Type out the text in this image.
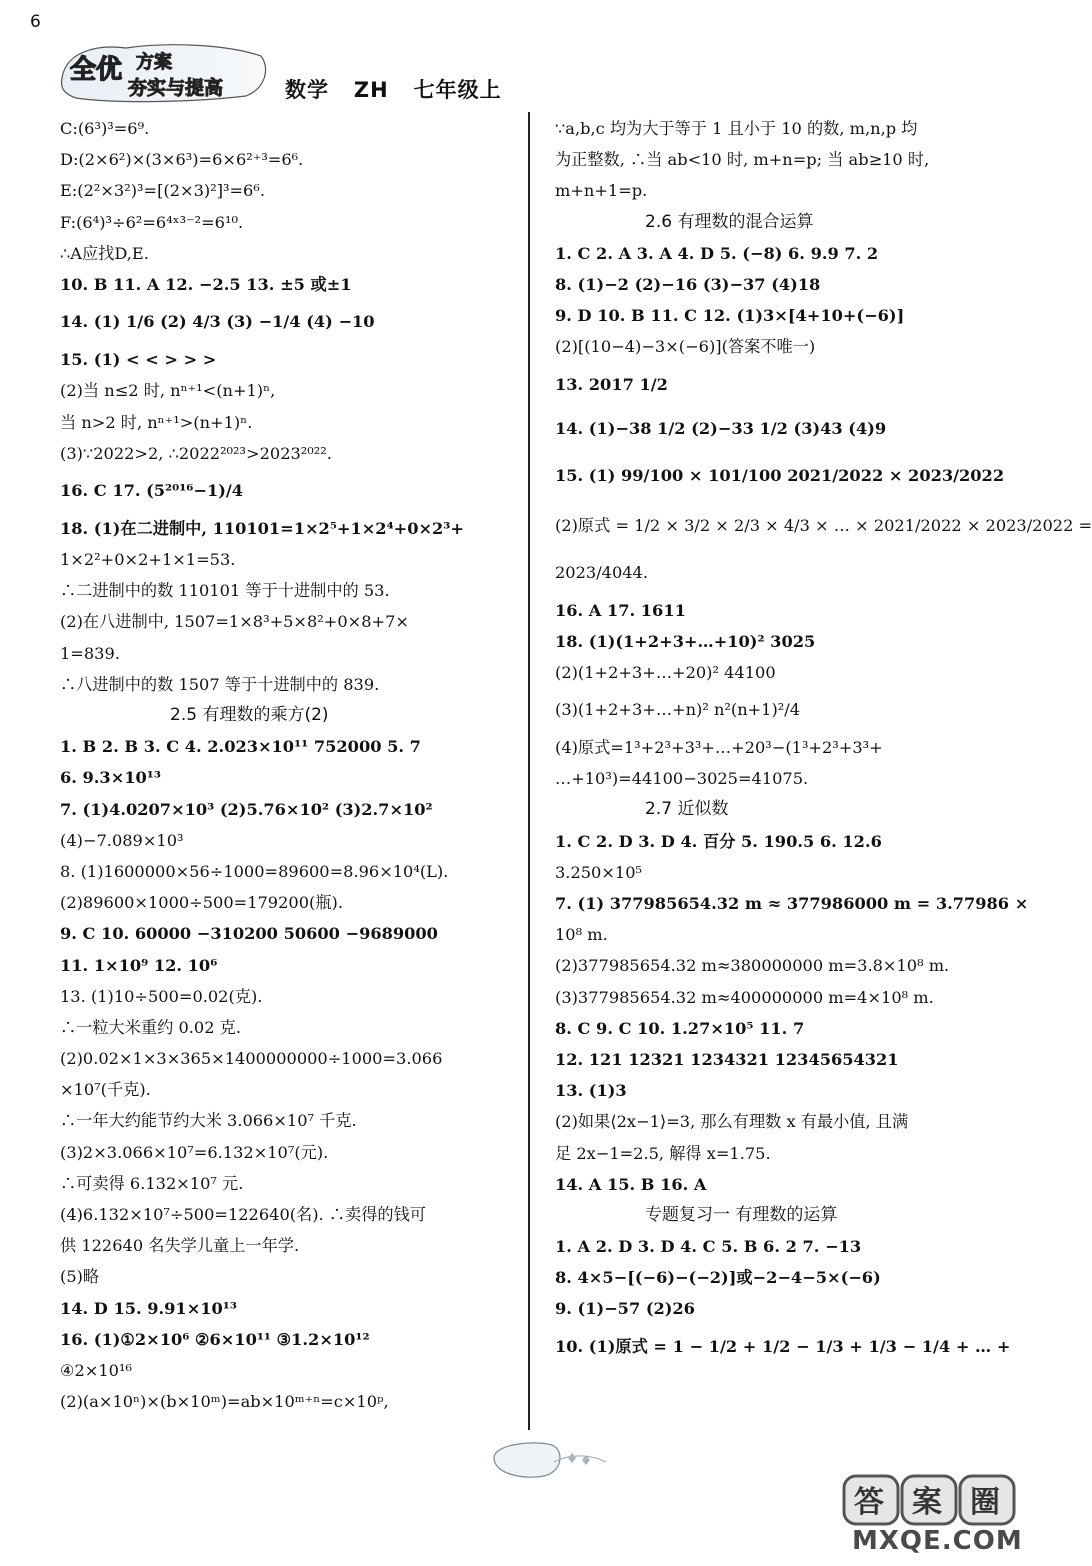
全优 方案
夯实与提高	数学   ZH   七年级上
C:(6³)³=6⁹.
D:(2×6²)×(3×6³)=6×6²⁺³=6⁶.
E:(2²×3²)³=[(2×3)²]³=6⁶.
F:(6⁴)³÷6²=6⁴ˣ³⁻²=6¹⁰.
∴A应找D,E.
10. B 11. A 12. −2.5 13. ±5 或±1
14. (1) 1/6 (2) 4/3 (3) −1/4 (4) −10
15. (1) < < > > >
(2)当 n≤2 时, nⁿ⁺¹<(n+1)ⁿ,
当 n>2 时, nⁿ⁺¹>(n+1)ⁿ.
(3)∵2022>2, ∴2022²⁰²³>2023²⁰²².
16. C 17. (5²⁰¹⁶−1)/4
18. (1)在二进制中, 110101=1×2⁵+1×2⁴+0×2³+
1×2²+0×2+1×1=53.
∴二进制中的数 110101 等于十进制中的 53.
(2)在八进制中, 1507=1×8³+5×8²+0×8+7×
1=839.
∴八进制中的数 1507 等于十进制中的 839.
2.5 有理数的乘方(2)
1. B 2. B 3. C 4. 2.023×10¹¹ 752000 5. 7
6. 9.3×10¹³
7. (1)4.0207×10³ (2)5.76×10² (3)2.7×10²
(4)−7.089×10³
8. (1)1600000×56÷1000=89600=8.96×10⁴(L).
(2)89600×1000÷500=179200(瓶).
9. C 10. 60000 −310200 50600 −9689000
11. 1×10⁹ 12. 10⁶
13. (1)10÷500=0.02(克).
∴一粒大米重约 0.02 克.
(2)0.02×1×3×365×1400000000÷1000=3.066
×10⁷(千克).
∴一年大约能节约大米 3.066×10⁷ 千克.
(3)2×3.066×10⁷=6.132×10⁷(元).
∴可卖得 6.132×10⁷ 元.
(4)6.132×10⁷÷500=122640(名). ∴卖得的钱可
供 122640 名失学儿童上一年学.
(5)略
14. D 15. 9.91×10¹³
16. (1)①2×10⁶ ②6×10¹¹ ③1.2×10¹²
④2×10¹⁶
(2)(a×10ⁿ)×(b×10ᵐ)=ab×10ᵐ⁺ⁿ=c×10ᵖ,
∵a,b,c 均为大于等于 1 且小于 10 的数, m,n,p 均
为正整数, ∴当 ab<10 时, m+n=p; 当 ab≥10 时,
m+n+1=p.
2.6 有理数的混合运算
1. C 2. A 3. A 4. D 5. (−8) 6. 9.9 7. 2
8. (1)−2 (2)−16 (3)−37 (4)18
9. D 10. B 11. C 12. (1)3×[4+10+(−6)]
(2)[(10−4)−3×(−6)](答案不唯一)
13. 2017 1/2
14. (1)−38 1/2 (2)−33 1/2 (3)43 (4)9
15. (1) 99/100 × 101/100 2021/2022 × 2023/2022
(2)原式 = 1/2 × 3/2 × 2/3 × 4/3 × … × 2021/2022 × 2023/2022 =
2023/4044.
16. A 17. 1611
18. (1)(1+2+3+…+10)² 3025
(2)(1+2+3+…+20)² 44100
(3)(1+2+3+…+n)² n²(n+1)²/4
(4)原式=1³+2³+3³+…+20³−(1³+2³+3³+
…+10³)=44100−3025=41075.
2.7 近似数
1. C 2. D 3. D 4. 百分 5. 190.5 6. 12.6
3.250×10⁵
7. (1) 377985654.32 m ≈ 377986000 m = 3.77986 ×
10⁸ m.
(2)377985654.32 m≈380000000 m=3.8×10⁸ m.
(3)377985654.32 m≈400000000 m=4×10⁸ m.
8. C 9. C 10. 1.27×10⁵ 11. 7
12. 121 12321 1234321 12345654321
13. (1)3
(2)如果⟨2x−1⟩=3, 那么有理数 x 有最小值, 且满
足 2x−1=2.5, 解得 x=1.75.
14. A 15. B 16. A
专题复习一 有理数的运算
1. A 2. D 3. D 4. C 5. B 6. 2 7. −13
8. 4×5−[(−6)−(−2)]或−2−4−5×(−6)
9. (1)−57 (2)26
10. (1)原式 = 1 − 1/2 + 1/2 − 1/3 + 1/3 − 1/4 + … +
6
答 案 圈
MXQE.COM
